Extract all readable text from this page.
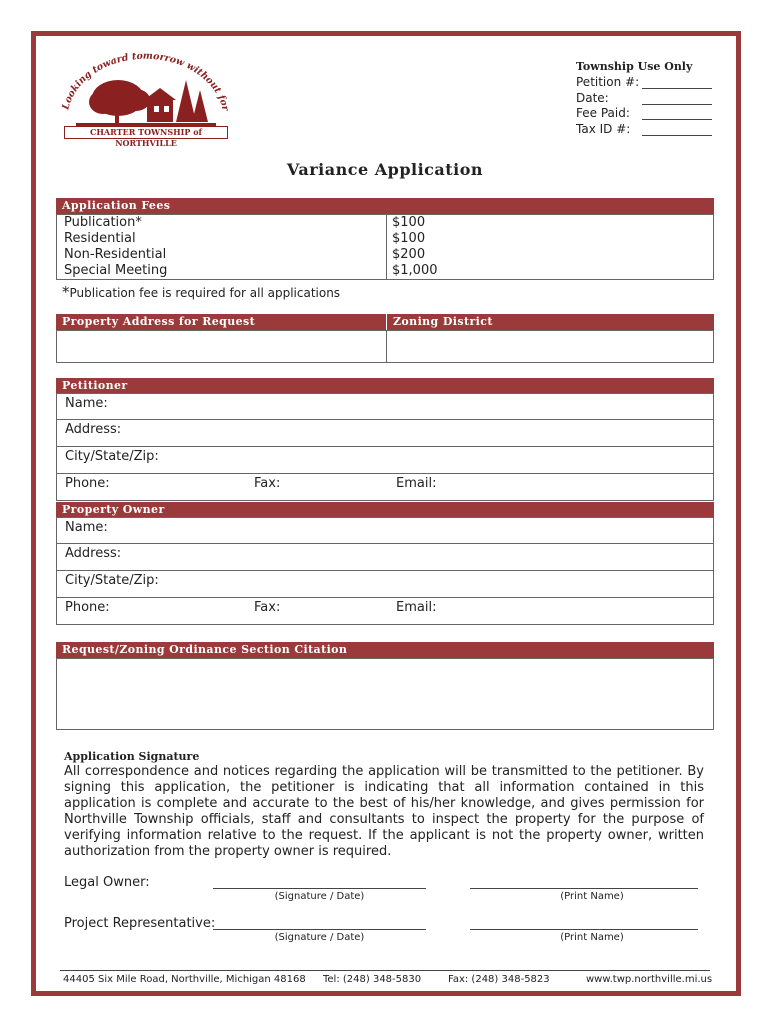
Looking toward tomorrow without for
CHARTER TOWNSHIP of NORTHVILLE
Township Use Only
Petition #:
Date:
Fee Paid:
Tax ID #:
Variance Application
Application Fees
Publication*	$100
Residential	$100
Non-Residential	$200
Special Meeting	$1,000
*Publication fee is required for all applications
Property Address for Request	Zoning District
Petitioner
Name:
Address:
City/State/Zip:
Phone:	Fax:	Email:
Property Owner
Name:
Address:
City/State/Zip:
Phone:	Fax:	Email:
Request/Zoning Ordinance Section Citation
Application Signature
All correspondence and notices regarding the application will be transmitted to the petitioner. By signing this application, the petitioner is indicating that all information contained in this application is complete and accurate to the best of his/her knowledge, and gives permission for Northville Township officials, staff and consultants to inspect the property for the purpose of verifying information relative to the request. If the applicant is not the property owner, written authorization from the property owner is required.
Legal Owner:
(Signature / Date)	(Print Name)
Project Representative:
(Signature / Date)	(Print Name)
44405 Six Mile Road, Northville, Michigan 48168 Tel: (248) 348-5830	Fax: (248) 348-5823	www.twp.northville.mi.us
